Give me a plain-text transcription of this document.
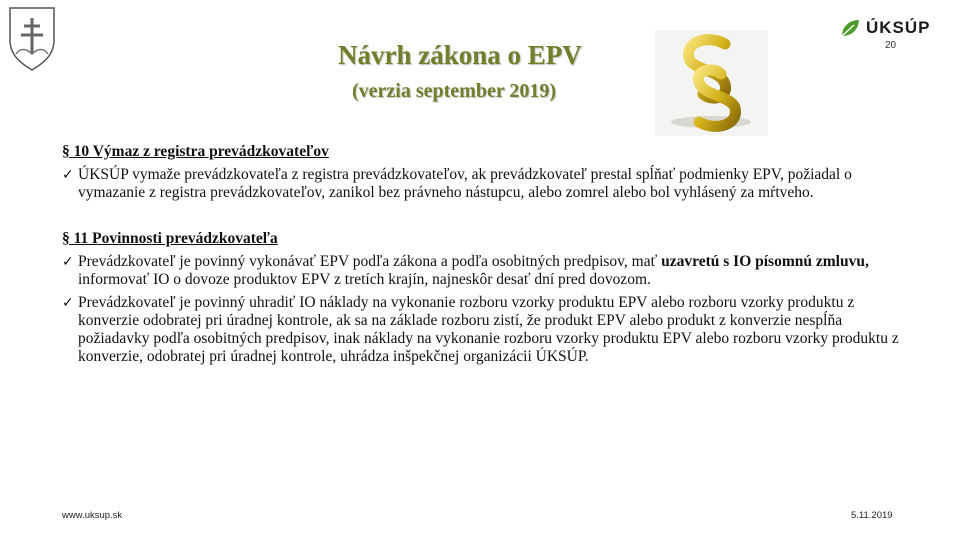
Návrh zákona o EPV
(verzia september 2019)
ÚKSÚP
20

§ 10 Výmaz z registra prevádzkovateľov

✓ ÚKSÚP vymaže prevádzkovateľa z registra prevádzkovateľov, ak prevádzkovateľ prestal spĺňať podmienky EPV, požiadal o vymazanie z registra prevádzkovateľov, zanikol bez právneho nástupcu, alebo zomrel alebo bol vyhlásený za mŕtveho.

§ 11 Povinnosti prevádzkovateľa

✓ Prevádzkovateľ je povinný vykonávať EPV podľa zákona a podľa osobitných predpisov, mať uzavretú s IO písomnú zmluvu, informovať IO o dovoze produktov EPV z tretích krajín, najneskôr desať dní pred dovozom.
✓ Prevádzkovateľ je povinný uhradiť IO náklady na vykonanie rozboru vzorky produktu EPV alebo rozboru vzorky produktu z konverzie odobratej pri úradnej kontrole, ak sa na základe rozboru zistí, že produkt EPV alebo produkt z konverzie nespĺňa požiadavky podľa osobitných predpisov, inak náklady na vykonanie rozboru vzorky produktu EPV alebo rozboru vzorky produktu z konverzie, odobratej pri úradnej kontrole, uhrádza inšpekčnej organizácii ÚKSÚP.
www.uksup.sk	5.11.2019
